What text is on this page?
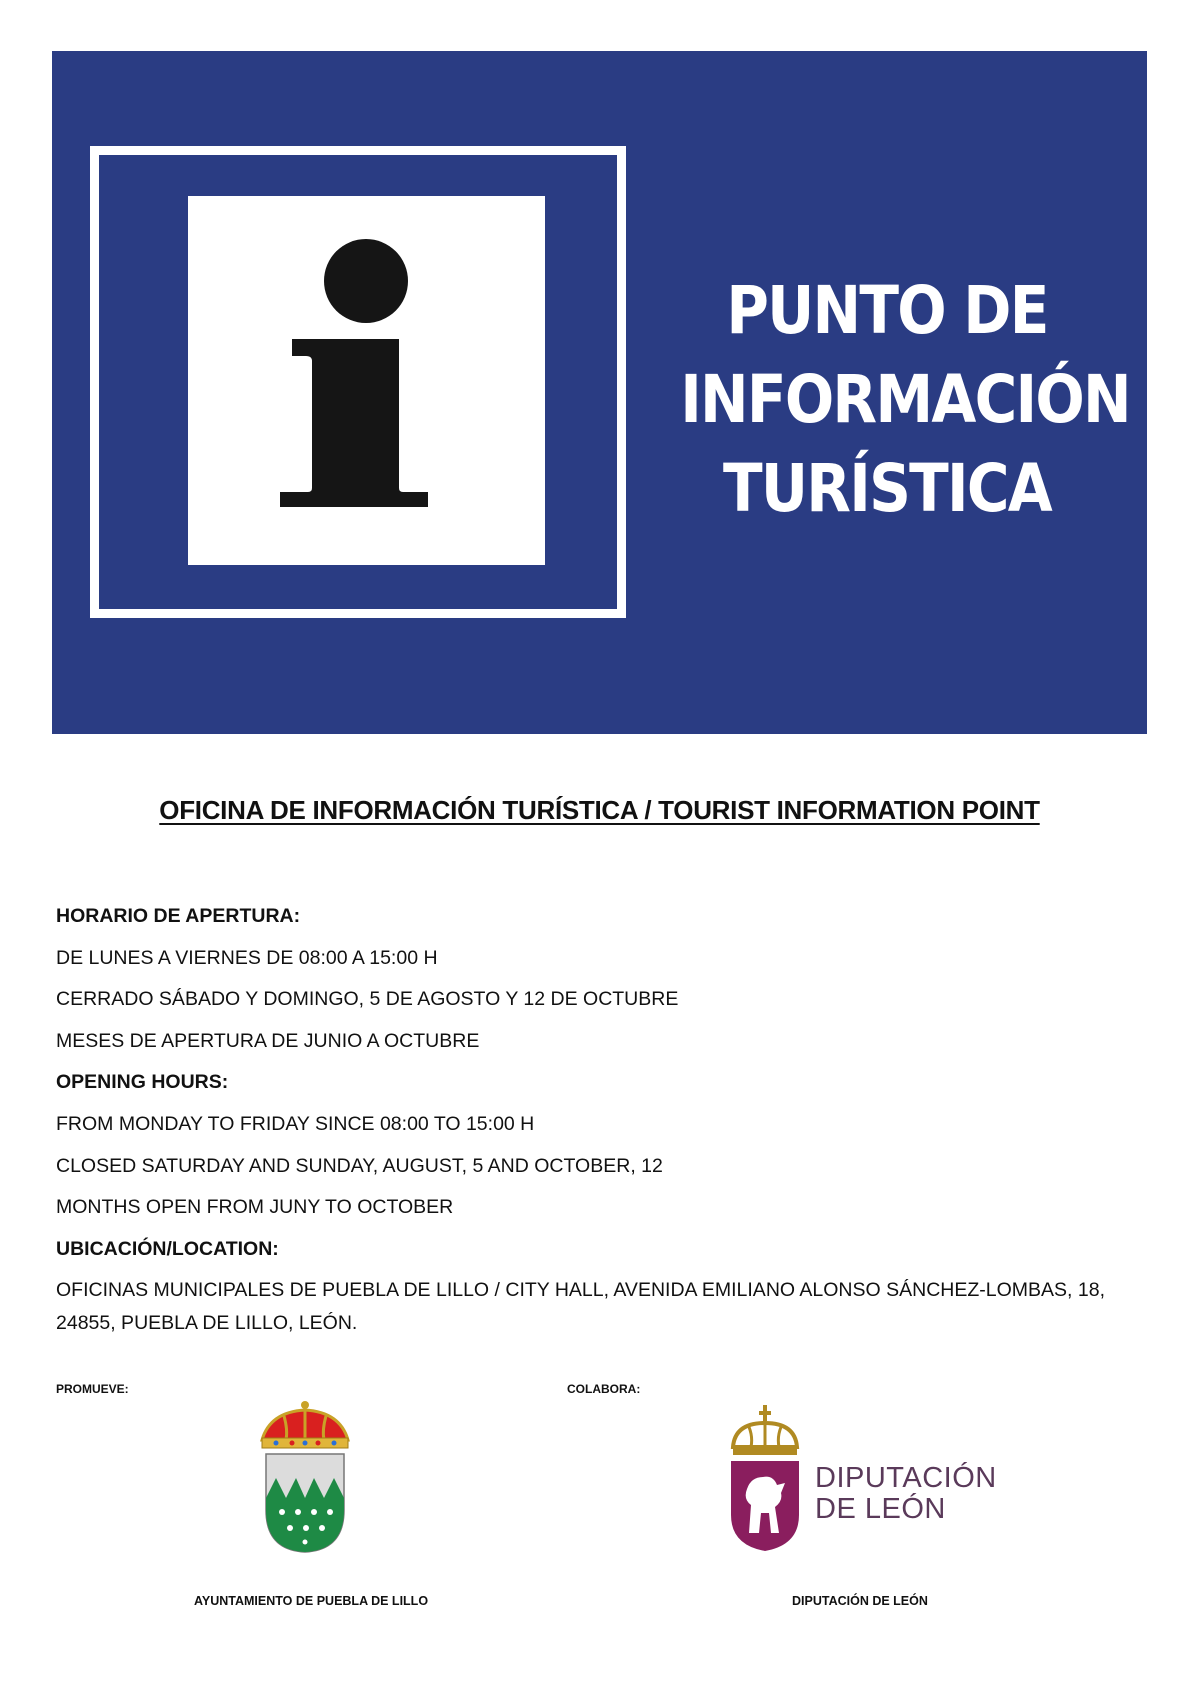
PUNTO DE
INFORMACIÓN
TURÍSTICA
OFICINA DE INFORMACIÓN TURÍSTICA / TOURIST INFORMATION POINT
HORARIO DE APERTURA:
DE LUNES A VIERNES DE 08:00 A 15:00 H
CERRADO SÁBADO Y DOMINGO, 5 DE AGOSTO Y 12 DE OCTUBRE
MESES DE APERTURA DE JUNIO A OCTUBRE
OPENING HOURS:
FROM MONDAY TO FRIDAY SINCE 08:00 TO 15:00 H
CLOSED SATURDAY AND SUNDAY, AUGUST, 5 AND OCTOBER, 12
MONTHS OPEN FROM JUNY TO OCTOBER
UBICACIÓN/LOCATION:
OFICINAS MUNICIPALES DE PUEBLA DE LILLO / CITY HALL, AVENIDA EMILIANO ALONSO SÁNCHEZ-LOMBAS, 18, 24855, PUEBLA DE LILLO, LEÓN.
PROMUEVE:	COLABORA:
DIPUTACIÓN
DE LEÓN
AYUNTAMIENTO DE PUEBLA DE LILLO	DIPUTACIÓN DE LEÓN
